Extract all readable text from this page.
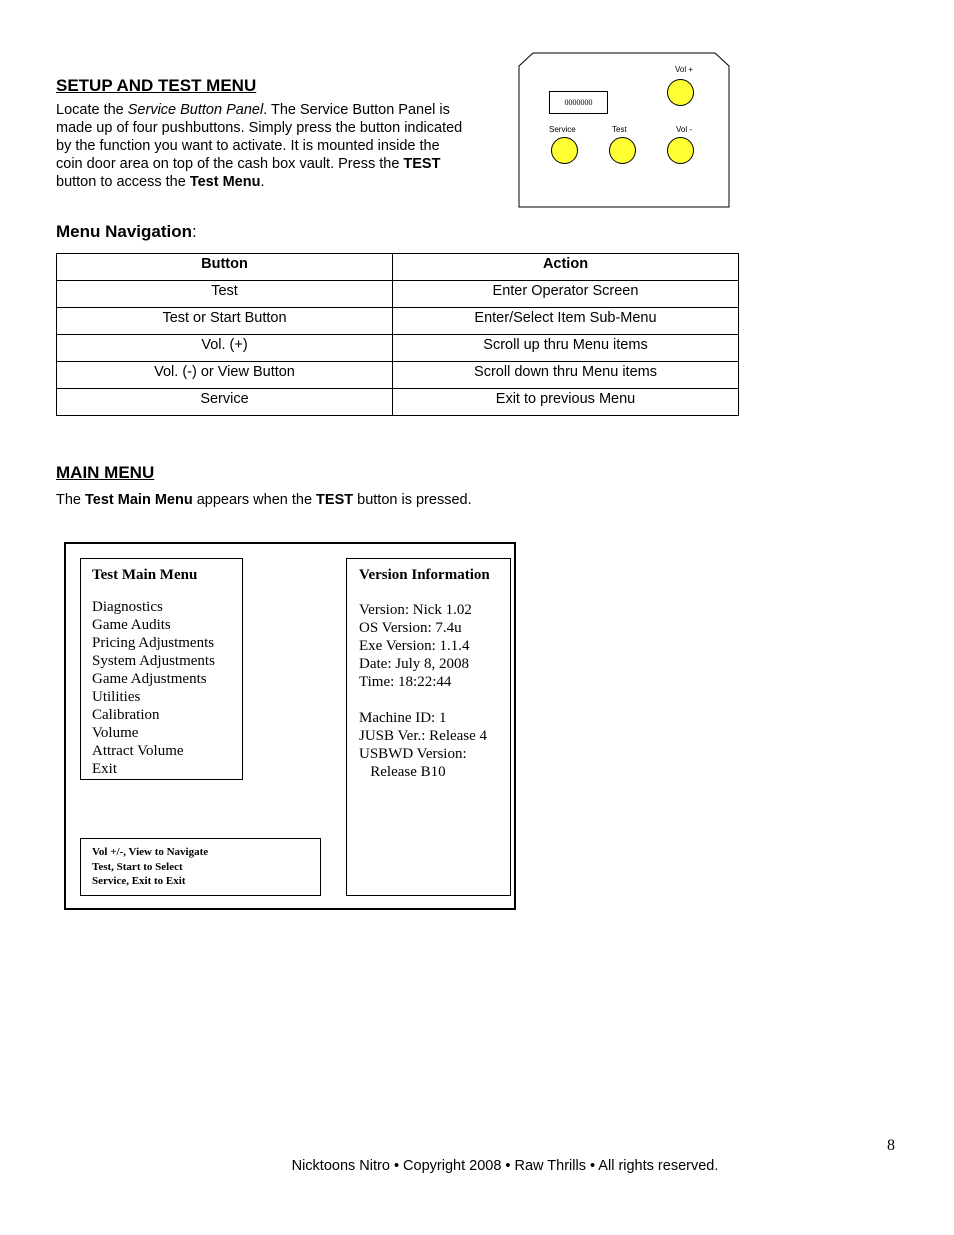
SETUP AND TEST MENU
Locate the Service Button Panel. The Service Button Panel is made up of four pushbuttons. Simply press the button indicated by the function you want to activate. It is mounted inside the coin door area on top of the cash box vault. Press the TEST button to access the Test Menu.
0000000
Vol +
Service	Test	Vol -
Menu Navigation:
Button	Action
Test	Enter Operator Screen
Test or Start Button	Enter/Select Item Sub-Menu
Vol. (+)	Scroll up thru Menu items
Vol. (-) or View Button	Scroll down thru Menu items
Service	Exit to previous Menu
MAIN MENU
The Test Main Menu appears when the TEST button is pressed.
Test Main Menu
Diagnostics
Game Audits
Pricing Adjustments
System Adjustments
Game Adjustments
Utilities
Calibration
Volume
Attract Volume
Exit
Version Information
Version: Nick 1.02
OS Version: 7.4u
Exe Version: 1.1.4
Date: July 8, 2008
Time: 18:22:44
Machine ID: 1
JUSB Ver.: Release 4
USBWD Version:
Release B10
Vol +/-, View to Navigate
Test, Start to Select
Service, Exit to Exit
8
Nicktoons Nitro • Copyright 2008 • Raw Thrills • All rights reserved.
